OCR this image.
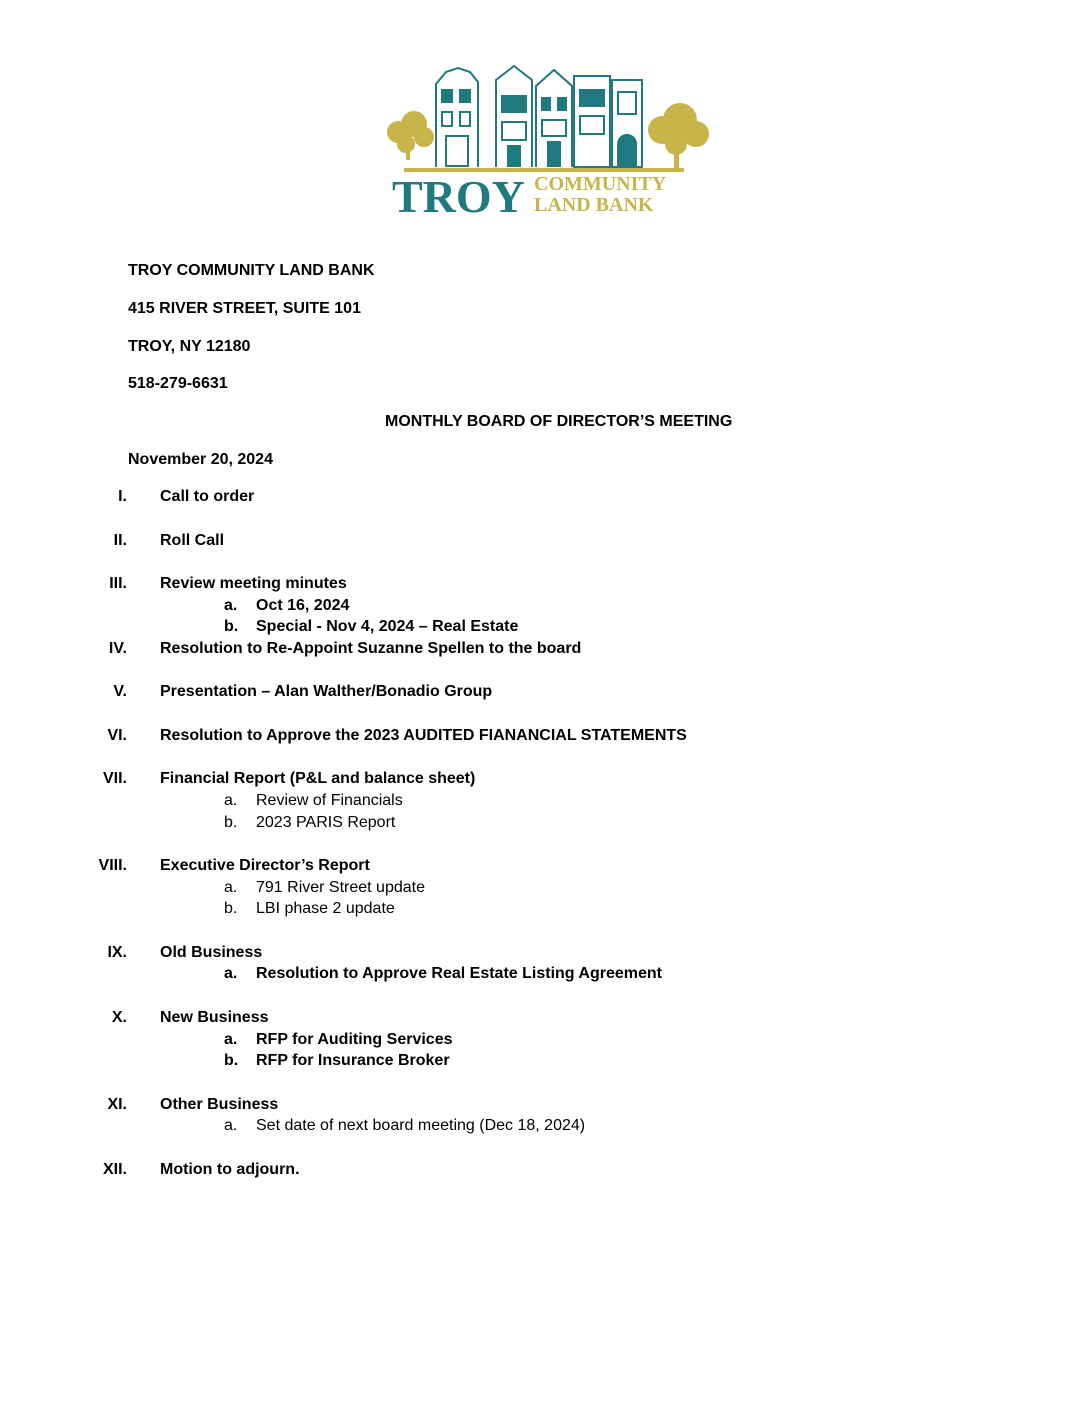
TROY COMMUNITY
LAND BANK
TROY COMMUNITY LAND BANK
415 RIVER STREET, SUITE 101
TROY, NY 12180
518-279-6631
MONTHLY BOARD OF DIRECTOR’S MEETING
November 20, 2024
I. Call to order
II. Roll Call
III. Review meeting minutes
a. Oct 16, 2024
b. Special - Nov 4, 2024 – Real Estate
IV. Resolution to Re-Appoint Suzanne Spellen to the board
V. Presentation – Alan Walther/Bonadio Group
VI. Resolution to Approve the 2023 AUDITED FIANANCIAL STATEMENTS
VII. Financial Report (P&L and balance sheet)
a. Review of Financials
b. 2023 PARIS Report
VIII. Executive Director’s Report
a. 791 River Street update
b. LBI phase 2 update
IX. Old Business
a. Resolution to Approve Real Estate Listing Agreement
X. New Business
a. RFP for Auditing Services
b. RFP for Insurance Broker
XI. Other Business
a. Set date of next board meeting (Dec 18, 2024)
XII. Motion to adjourn.
